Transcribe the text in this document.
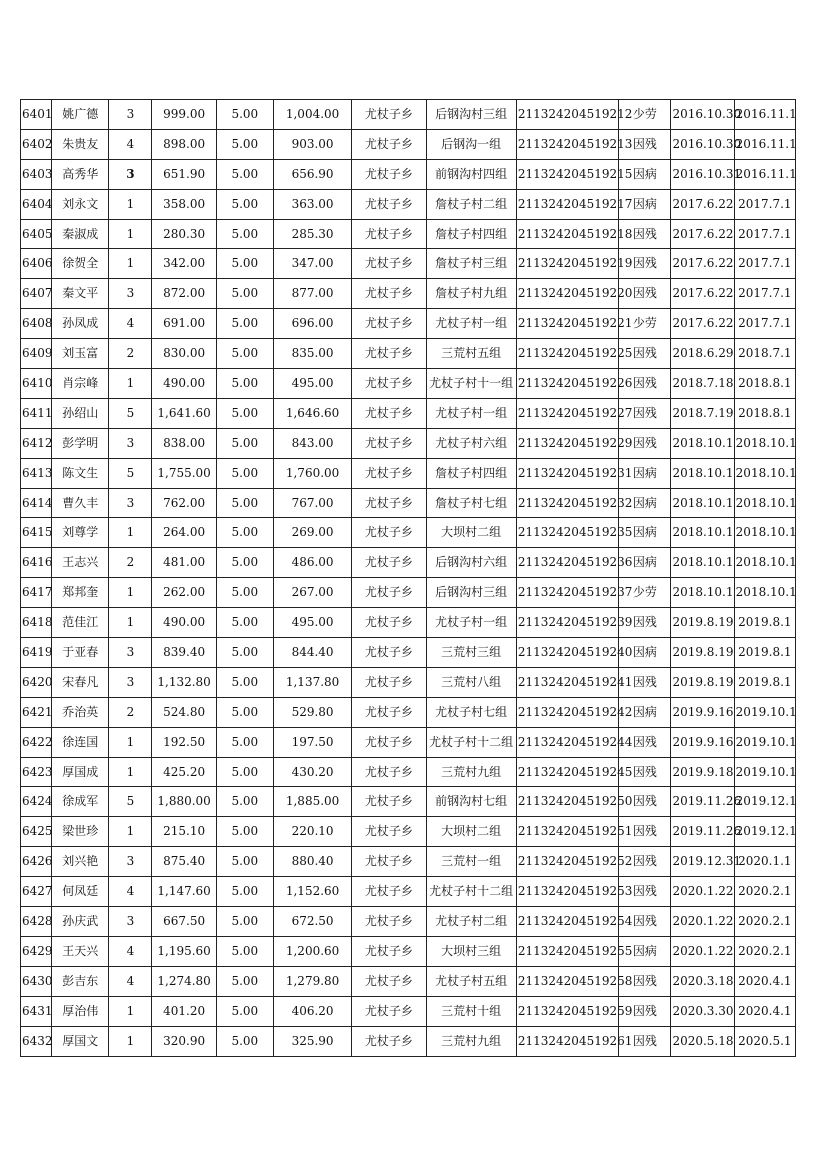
6401	姚广德	3	999.00	5.00	1,004.00	尤杖子乡	后钢沟村三组	211324204519212	少劳	2016.10.30	2016.11.1
6402	朱贵友	4	898.00	5.00	903.00	尤杖子乡	后钢沟一组	211324204519213	因残	2016.10.30	2016.11.1
6403	高秀华	3	651.90	5.00	656.90	尤杖子乡	前钢沟村四组	211324204519215	因病	2016.10.31	2016.11.1
6404	刘永文	1	358.00	5.00	363.00	尤杖子乡	詹杖子村二组	211324204519217	因病	2017.6.22	2017.7.1
6405	秦淑成	1	280.30	5.00	285.30	尤杖子乡	詹杖子村四组	211324204519218	因残	2017.6.22	2017.7.1
6406	徐贺全	1	342.00	5.00	347.00	尤杖子乡	詹杖子村三组	211324204519219	因残	2017.6.22	2017.7.1
6407	秦文平	3	872.00	5.00	877.00	尤杖子乡	詹杖子村九组	211324204519220	因残	2017.6.22	2017.7.1
6408	孙凤成	4	691.00	5.00	696.00	尤杖子乡	尤杖子村一组	211324204519221	少劳	2017.6.22	2017.7.1
6409	刘玉富	2	830.00	5.00	835.00	尤杖子乡	三荒村五组	211324204519225	因残	2018.6.29	2018.7.1
6410	肖宗峰	1	490.00	5.00	495.00	尤杖子乡	尤杖子村十一组	211324204519226	因残	2018.7.18	2018.8.1
6411	孙绍山	5	1,641.60	5.00	1,646.60	尤杖子乡	尤杖子村一组	211324204519227	因残	2018.7.19	2018.8.1
6412	彭学明	3	838.00	5.00	843.00	尤杖子乡	尤杖子村六组	211324204519229	因残	2018.10.1	2018.10.1
6413	陈文生	5	1,755.00	5.00	1,760.00	尤杖子乡	詹杖子村四组	211324204519231	因病	2018.10.1	2018.10.1
6414	曹久丰	3	762.00	5.00	767.00	尤杖子乡	詹杖子村七组	211324204519232	因病	2018.10.1	2018.10.1
6415	刘尊学	1	264.00	5.00	269.00	尤杖子乡	大坝村二组	211324204519235	因病	2018.10.1	2018.10.1
6416	王志兴	2	481.00	5.00	486.00	尤杖子乡	后钢沟村六组	211324204519236	因病	2018.10.1	2018.10.1
6417	郑邦奎	1	262.00	5.00	267.00	尤杖子乡	后钢沟村三组	211324204519237	少劳	2018.10.1	2018.10.1
6418	范佳江	1	490.00	5.00	495.00	尤杖子乡	尤杖子村一组	211324204519239	因残	2019.8.19	2019.8.1
6419	于亚春	3	839.40	5.00	844.40	尤杖子乡	三荒村三组	211324204519240	因病	2019.8.19	2019.8.1
6420	宋春凡	3	1,132.80	5.00	1,137.80	尤杖子乡	三荒村八组	211324204519241	因残	2019.8.19	2019.8.1
6421	乔治英	2	524.80	5.00	529.80	尤杖子乡	尤杖子村七组	211324204519242	因病	2019.9.16	2019.10.1
6422	徐连国	1	192.50	5.00	197.50	尤杖子乡	尤杖子村十二组	211324204519244	因残	2019.9.16	2019.10.1
6423	厚国成	1	425.20	5.00	430.20	尤杖子乡	三荒村九组	211324204519245	因残	2019.9.18	2019.10.1
6424	徐成军	5	1,880.00	5.00	1,885.00	尤杖子乡	前钢沟村七组	211324204519250	因残	2019.11.26	2019.12.1
6425	梁世珍	1	215.10	5.00	220.10	尤杖子乡	大坝村二组	211324204519251	因残	2019.11.26	2019.12.1
6426	刘兴艳	3	875.40	5.00	880.40	尤杖子乡	三荒村一组	211324204519252	因残	2019.12.31	2020.1.1
6427	何凤廷	4	1,147.60	5.00	1,152.60	尤杖子乡	尤杖子村十二组	211324204519253	因残	2020.1.22	2020.2.1
6428	孙庆武	3	667.50	5.00	672.50	尤杖子乡	尤杖子村二组	211324204519254	因残	2020.1.22	2020.2.1
6429	王天兴	4	1,195.60	5.00	1,200.60	尤杖子乡	大坝村三组	211324204519255	因病	2020.1.22	2020.2.1
6430	彭吉东	4	1,274.80	5.00	1,279.80	尤杖子乡	尤杖子村五组	211324204519258	因残	2020.3.18	2020.4.1
6431	厚治伟	1	401.20	5.00	406.20	尤杖子乡	三荒村十组	211324204519259	因残	2020.3.30	2020.4.1
6432	厚国文	1	320.90	5.00	325.90	尤杖子乡	三荒村九组	211324204519261	因残	2020.5.18	2020.5.1
